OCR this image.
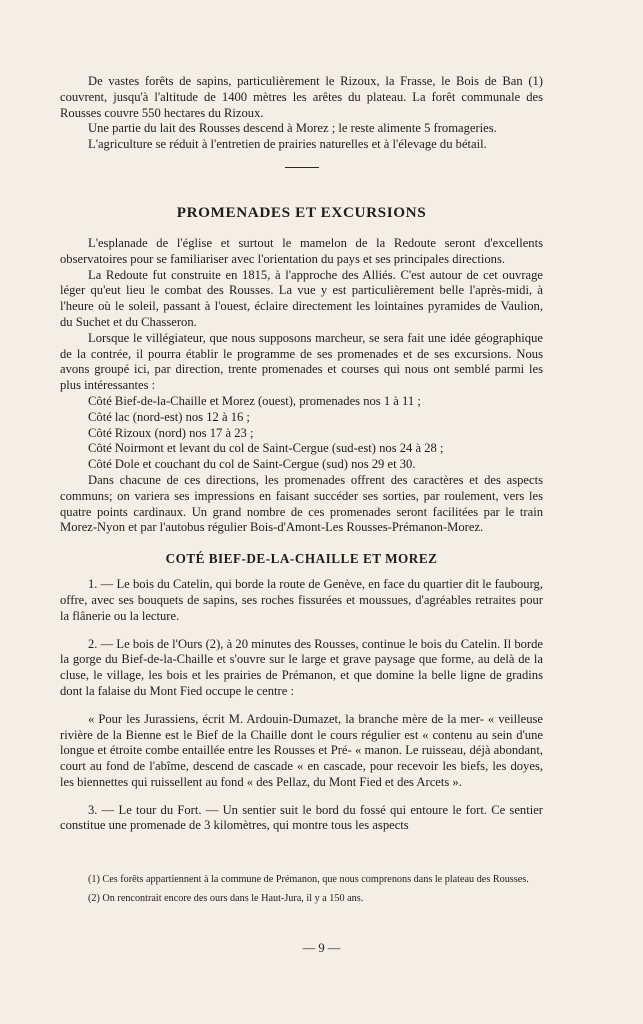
De vastes forêts de sapins, particulièrement le Rizoux, la Frasse, le Bois de Ban (1) couvrent, jusqu'à l'altitude de 1400 mètres les arêtes du plateau. La forêt communale des Rousses couvre 550 hectares du Rizoux.

Une partie du lait des Rousses descend à Morez ; le reste alimente 5 fromageries.

L'agriculture se réduit à l'entretien de prairies naturelles et à l'élevage du bétail.

PROMENADES ET EXCURSIONS

L'esplanade de l'église et surtout le mamelon de la Redoute seront d'excellents observatoires pour se familiariser avec l'orientation du pays et ses principales directions.

La Redoute fut construite en 1815, à l'approche des Alliés. C'est autour de cet ouvrage léger qu'eut lieu le combat des Rousses. La vue y est particulièrement belle l'après-midi, à l'heure où le soleil, passant à l'ouest, éclaire directement les lointaines pyramides de Vaulion, du Suchet et du Chasseron.

Lorsque le villégiateur, que nous supposons marcheur, se sera fait une idée géographique de la contrée, il pourra établir le programme de ses promenades et de ses excursions. Nous avons groupé ici, par direction, trente promenades et courses qui nous ont semblé parmi les plus intéressantes :

Côté Bief-de-la-Chaille et Morez (ouest), promenades nos 1 à 11 ;

Côté lac (nord-est) nos 12 à 16 ;

Côté Rizoux (nord) nos 17 à 23 ;

Côté Noirmont et levant du col de Saint-Cergue (sud-est) nos 24 à 28 ;

Côté Dole et couchant du col de Saint-Cergue (sud) nos 29 et 30.

Dans chacune de ces directions, les promenades offrent des caractères et des aspects communs; on variera ses impressions en faisant succéder ses sorties, par roulement, vers les quatre points cardinaux. Un grand nombre de ces promenades seront facilitées par le train Morez-Nyon et par l'autobus régulier Bois-d'Amont-Les Rousses-Prémanon-Morez.

COTÉ BIEF-DE-LA-CHAILLE ET MOREZ

1. — Le bois du Catelin, qui borde la route de Genève, en face du quartier dit le faubourg, offre, avec ses bouquets de sapins, ses roches fissurées et moussues, d'agréables retraites pour la flânerie ou la lecture.

2. — Le bois de l'Ours (2), à 20 minutes des Rousses, continue le bois du Catelin. Il borde la gorge du Bief-de-la-Chaille et s'ouvre sur le large et grave paysage que forme, au delà de la cluse, le village, les bois et les prairies de Prémanon, et que domine la belle ligne de gradins dont la falaise du Mont Fied occupe le centre :

« Pour les Jurassiens, écrit M. Ardouin-Dumazet, la branche mère de la mer- « veilleuse rivière de la Bienne est le Bief de la Chaille dont le cours régulier est « contenu au sein d'une longue et étroite combe entaillée entre les Rousses et Pré- « manon. Le ruisseau, déjà abondant, court au fond de l'abîme, descend de cascade « en cascade, pour recevoir les biefs, les doyes, les biennettes qui ruissellent au fond « des Pellaz, du Mont Fied et des Arcets ».

3. — Le tour du Fort. — Un sentier suit le bord du fossé qui entoure le fort. Ce sentier constitue une promenade de 3 kilomètres, qui montre tous les aspects

(1) Ces forêts appartiennent à la commune de Prémanon, que nous comprenons dans le plateau des Rousses.

(2) On rencontrait encore des ours dans le Haut-Jura, il y a 150 ans.

— 9 —
